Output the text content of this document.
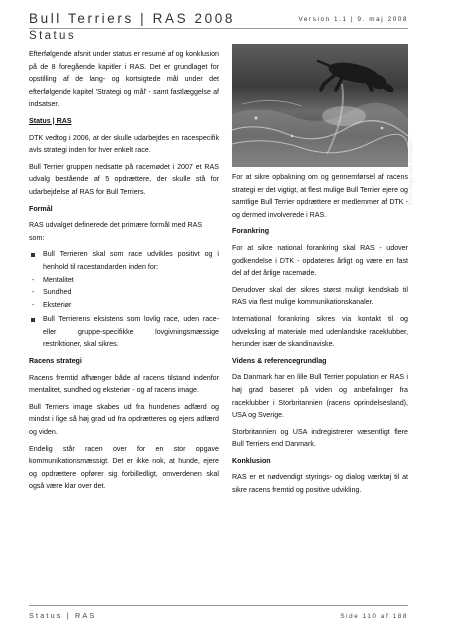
Bull Terriers | RAS 2008	Version 1.1 | 9. maj 2008
Status

Efterfølgende afsnit under status er resumé af og konklusion på de 8 foregående kapitler i RAS. Det er grundlaget for opstilling af de lang- og kortsigtede mål under det efterfølgende kapitel 'Strategi og mål' - samt fastlæggelse af indsatser.

Status | RAS

DTK vedtog i 2006, at der skulle udarbejdes en racespecifik avls strategi inden for hver enkelt race.

Bull Terrier gruppen nedsatte på racemødet i 2007 et RAS udvalg bestående af 5 opdrættere, der skulle stå for udarbejdelse af RAS for Bull Terriers.

Formål

RAS udvalget definerede det primære formål med RAS som:

Bull Terrieren skal som race udvikles positivt og i henhold til racestandarden inden for:

- Mentalitet
- Sundhed
- Eksteriør

Bull Terrierens eksistens som lovlig race, uden race- eller gruppe-specifikke lovgivningsmæssige restriktioner, skal sikres.

Racens strategi

Racens fremtid afhænger både af racens tilstand indenfor mentalitet, sundhed og eksteriør - og af racens image.

Bull Terriers image skabes ud fra hundenes adfærd og mindst i lige så høj grad ud fra opdrætteres og ejers adfærd og viden.

Endelig står racen over for en stor opgave kommunikationsmæssigt. Det er ikke nok, at hunde, ejere og opdrættere opfører sig forbilledligt, omverdenen skal også være klar over det.

Foto: Anja van Kempen

For at sikre opbakning om og gennemførsel af racens strategi er det vigtigt, at flest mulige Bull Terrier ejere og samtlige Bull Terrier opdrættere er medlemmer af DTK - og dermed involverede i RAS.

Forankring

For at sikre national forankring skal RAS - udover godkendelse i DTK - opdateres årligt og være en fast del af det årlige racemøde.

Derudover skal der sikres størst muligt kendskab til RAS via flest mulige kommunikationskanaler.

International forankring sikres via kontakt til og udveksling af materiale med udenlandske raceklubber, herunder især de skandinaviske.

Videns & referencegrundlag

Da Danmark har en lille Bull Terrier population er RAS i høj grad baseret på viden og anbefalinger fra raceklubber i Storbritannien (racens oprindelsesland), USA og Sverige.

Storbritannien og USA indregistrerer væsentligt flere Bull Terriers end Danmark.

Konklusion

RAS er et nødvendigt styrings- og dialog værktøj til at sikre racens fremtid og positive udvikling.

Status | RAS	Side 110 af 188
